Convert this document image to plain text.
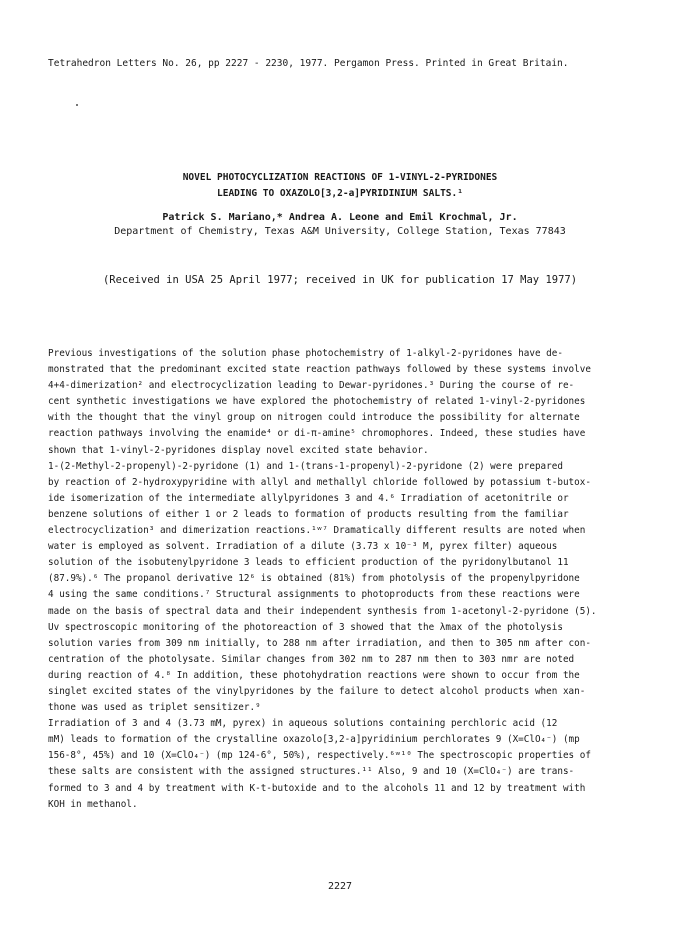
Tetrahedron Letters No. 26, pp 2227 - 2230, 1977. Pergamon Press. Printed in Great Britain.
NOVEL PHOTOCYCLIZATION REACTIONS OF 1-VINYL-2-PYRIDONES
LEADING TO OXAZOLO[3,2-a]PYRIDINIUM SALTS.¹
Patrick S. Mariano,* Andrea A. Leone and Emil Krochmal, Jr.
Department of Chemistry, Texas A&M University, College Station, Texas 77843
(Received in USA 25 April 1977; received in UK for publication 17 May 1977)
Previous investigations of the solution phase photochemistry of 1-alkyl-2-pyridones have de-
monstrated that the predominant excited state reaction pathways followed by these systems involve
4+4-dimerization² and electrocyclization leading to Dewar-pyridones.³ During the course of re-
cent synthetic investigations we have explored the photochemistry of related 1-vinyl-2-pyridones
with the thought that the vinyl group on nitrogen could introduce the possibility for alternate
reaction pathways involving the enamide⁴ or di-π-amine⁵ chromophores. Indeed, these studies have
shown that 1-vinyl-2-pyridones display novel excited state behavior.
1-(2-Methyl-2-propenyl)-2-pyridone (1) and 1-(trans-1-propenyl)-2-pyridone (2) were prepared
by reaction of 2-hydroxypyridine with allyl and methallyl chloride followed by potassium t-butox-
ide isomerization of the intermediate allylpyridones 3 and 4.⁶ Irradiation of acetonitrile or
benzene solutions of either 1 or 2 leads to formation of products resulting from the familiar
electrocyclization³ and dimerization reactions.¹ʷ⁷ Dramatically different results are noted when
water is employed as solvent. Irradiation of a dilute (3.73 x 10⁻³ M, pyrex filter) aqueous
solution of the isobutenylpyridone 3 leads to efficient production of the pyridonylbutanol 11
(87.9%).⁶ The propanol derivative 12⁶ is obtained (81%) from photolysis of the propenylpyridone
4 using the same conditions.⁷ Structural assignments to photoproducts from these reactions were
made on the basis of spectral data and their independent synthesis from 1-acetonyl-2-pyridone (5).
Uv spectroscopic monitoring of the photoreaction of 3 showed that the λmax of the photolysis
solution varies from 309 nm initially, to 288 nm after irradiation, and then to 305 nm after con-
centration of the photolysate. Similar changes from 302 nm to 287 nm then to 303 nmr are noted
during reaction of 4.⁸ In addition, these photohydration reactions were shown to occur from the
singlet excited states of the vinylpyridones by the failure to detect alcohol products when xan-
thone was used as triplet sensitizer.⁹
Irradiation of 3 and 4 (3.73 mM, pyrex) in aqueous solutions containing perchloric acid (12
mM) leads to formation of the crystalline oxazolo[3,2-a]pyridinium perchlorates 9 (X=ClO₄⁻) (mp
156-8°, 45%) and 10 (X=ClO₄⁻) (mp 124-6°, 50%), respectively.⁶ʷ¹⁰ The spectroscopic properties of
these salts are consistent with the assigned structures.¹¹ Also, 9 and 10 (X=ClO₄⁻) are trans-
formed to 3 and 4 by treatment with K-t-butoxide and to the alcohols 11 and 12 by treatment with
KOH in methanol.
2227
